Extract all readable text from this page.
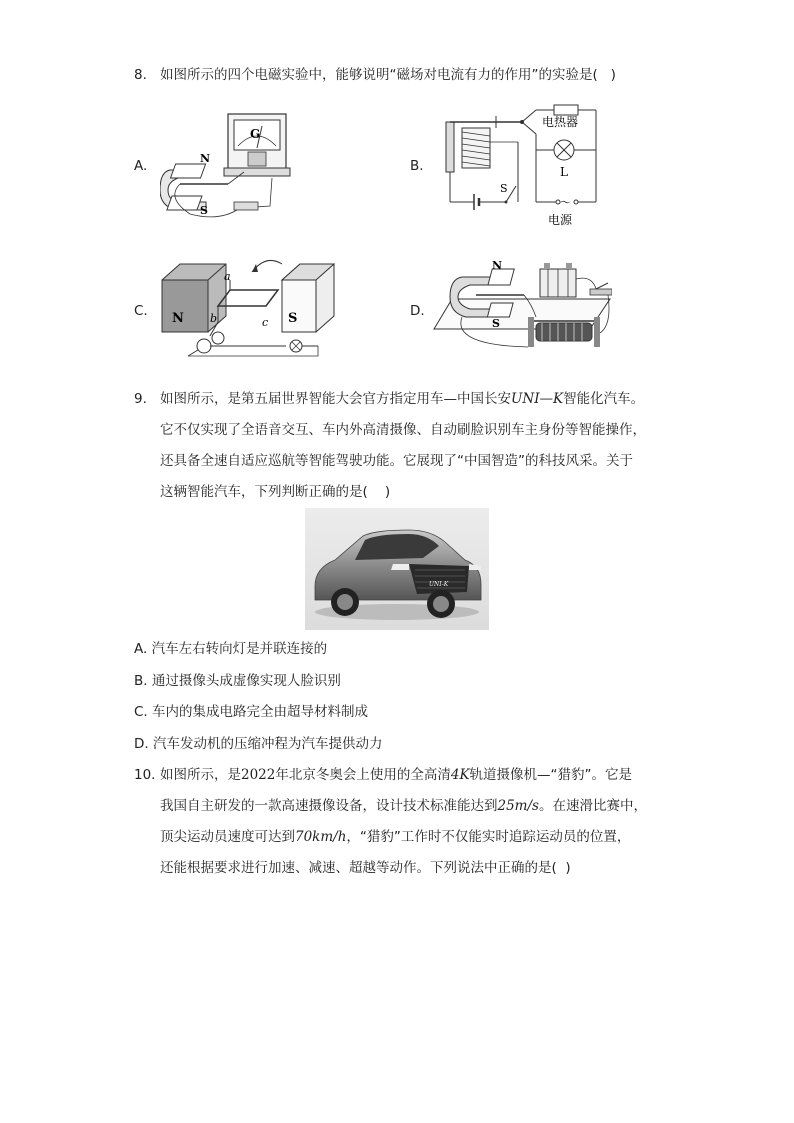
8. 如图所示的四个电磁实验中，能够说明“磁场对电流有力的作用”的实验是(   )
A.	B.
C.	D.
G
N
S
电热器
L
～
电源
S
N	S
a
b	c
N
S
9. 如图所示，是第五届世界智能大会官方指定用车—中国长安UNI—K智能化汽车。
它不仅实现了全语音交互、车内外高清摄像、自动刷脸识别车主身份等智能操作，
还具备全速自适应巡航等智能驾驶功能。它展现了“中国智造”的科技风采。关于
这辆智能汽车，下列判断正确的是(    )
UNI-K
A. 汽车左右转向灯是并联连接的
B. 通过摄像头成虚像实现人脸识别
C. 车内的集成电路完全由超导材料制成
D. 汽车发动机的压缩冲程为汽车提供动力
10. 如图所示，是2022年北京冬奥会上使用的全高清4K轨道摄像机—“猎豹”。它是
我国自主研发的一款高速摄像设备，设计技术标准能达到25m/s。在速滑比赛中，
顶尖运动员速度可达到70km/h，“猎豹”工作时不仅能实时追踪运动员的位置，
还能根据要求进行加速、减速、超越等动作。下列说法中正确的是(  )
